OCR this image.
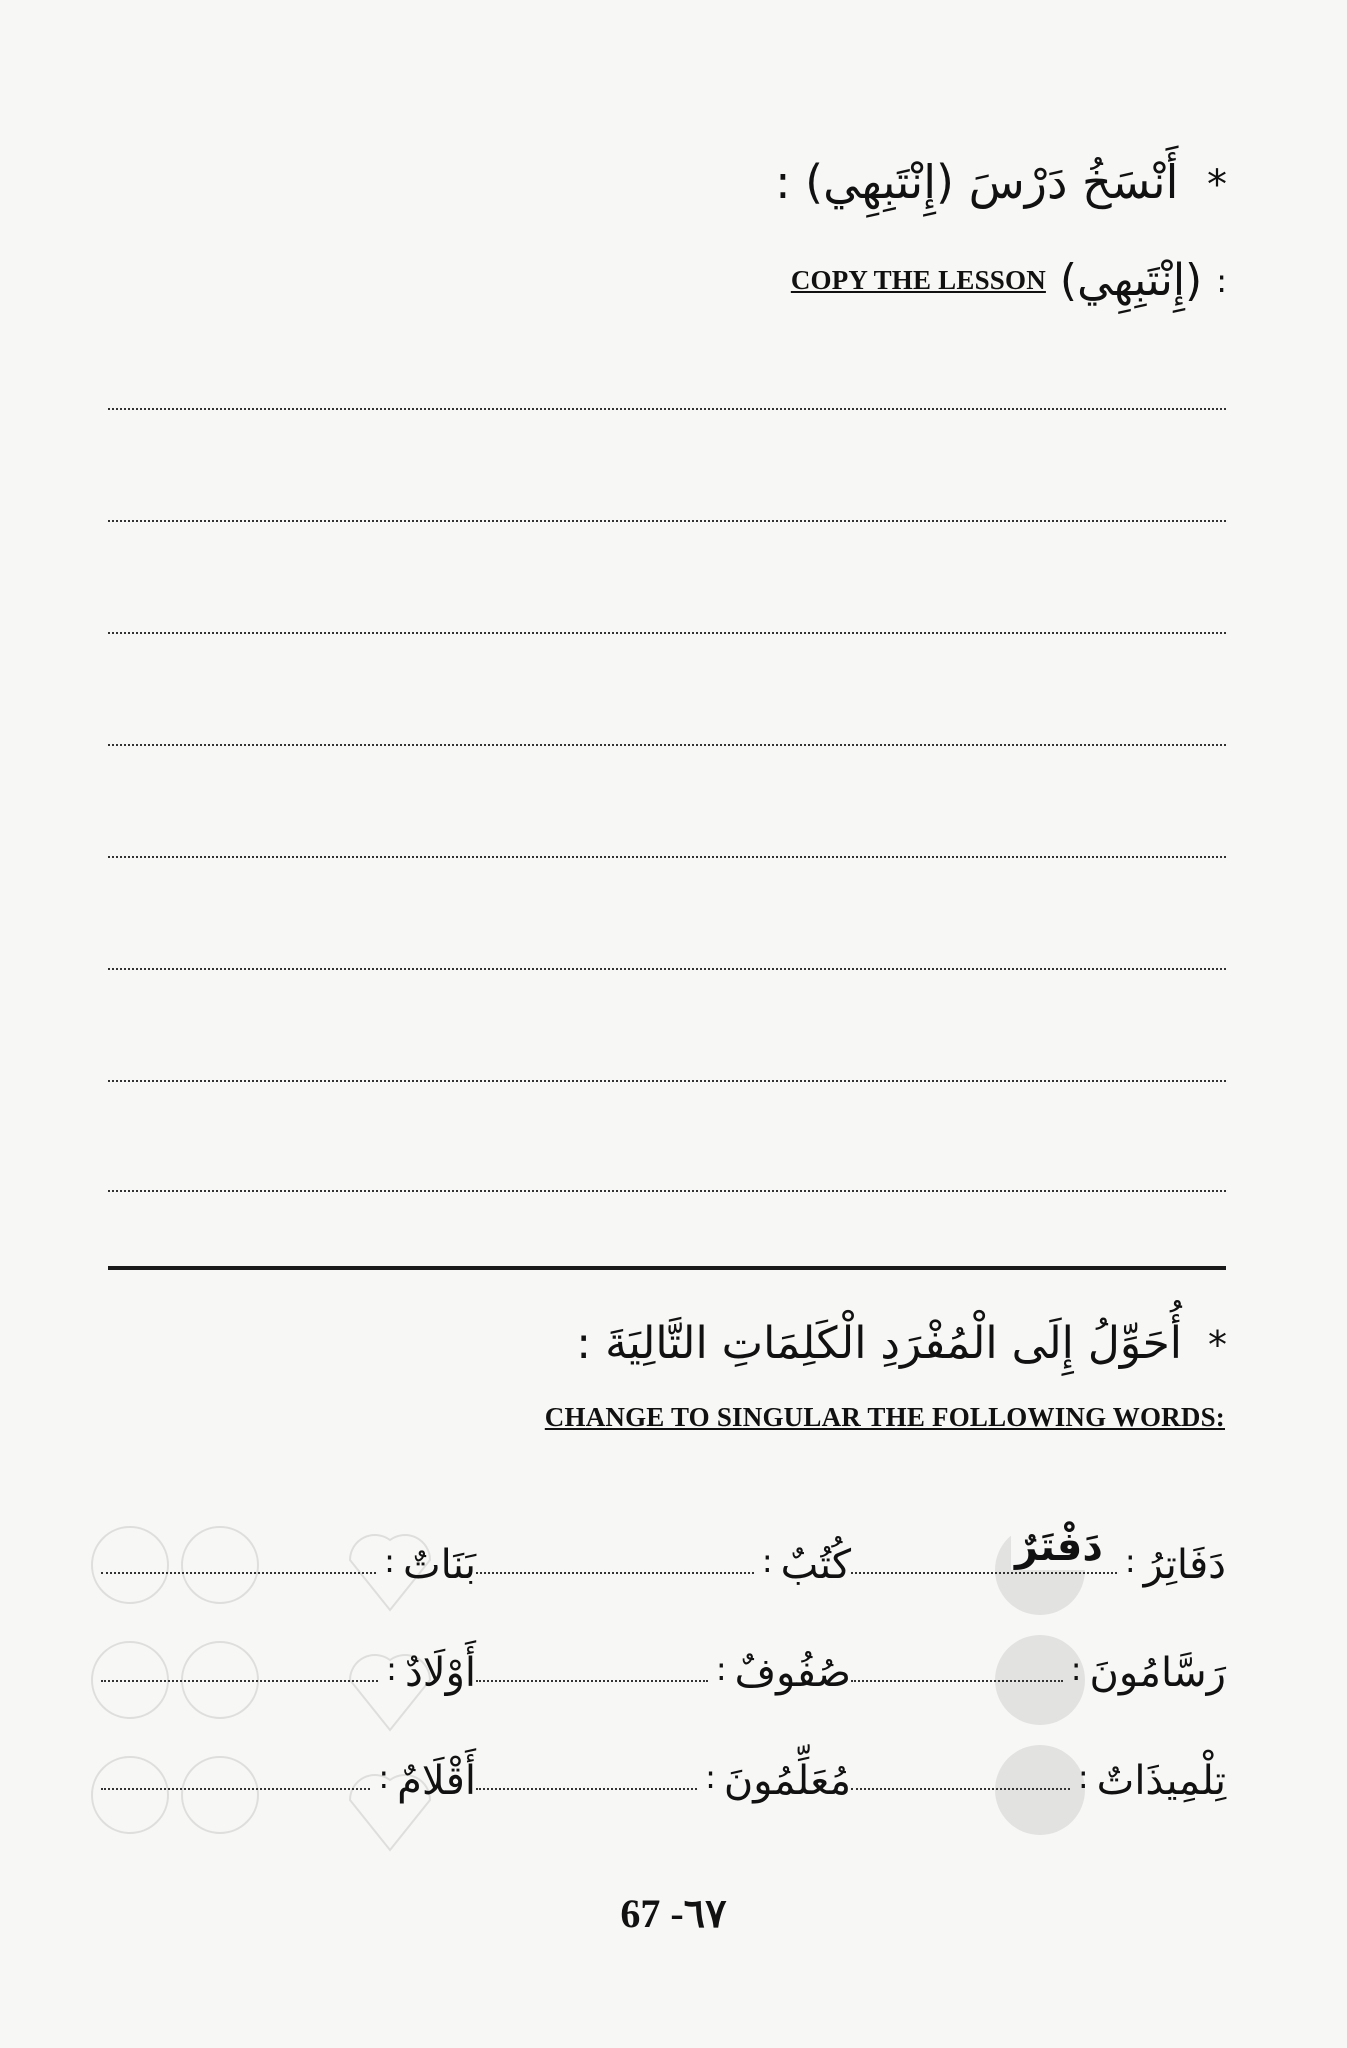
* أَنْسَخُ دَرْسَ (إِنْتَبِهِي) :
:
(إِنْتَبِهِي)
COPY THE LESSON
* أُحَوِّلُ إِلَى الْمُفْرَدِ الْكَلِمَاتِ التَّالِيَةَ :
CHANGE TO SINGULAR THE FOLLOWING WORDS:
دَفَاتِرُ
:
دَفْتَرٌ
كُتُبٌ
:
بَنَاتٌ
:
رَسَّامُونَ
:
صُفُوفٌ
:
أَوْلَادٌ
:
تِلْمِيذَاتٌ
:
مُعَلِّمُونَ
:
أَقْلَامٌ
:
67 -٦٧
